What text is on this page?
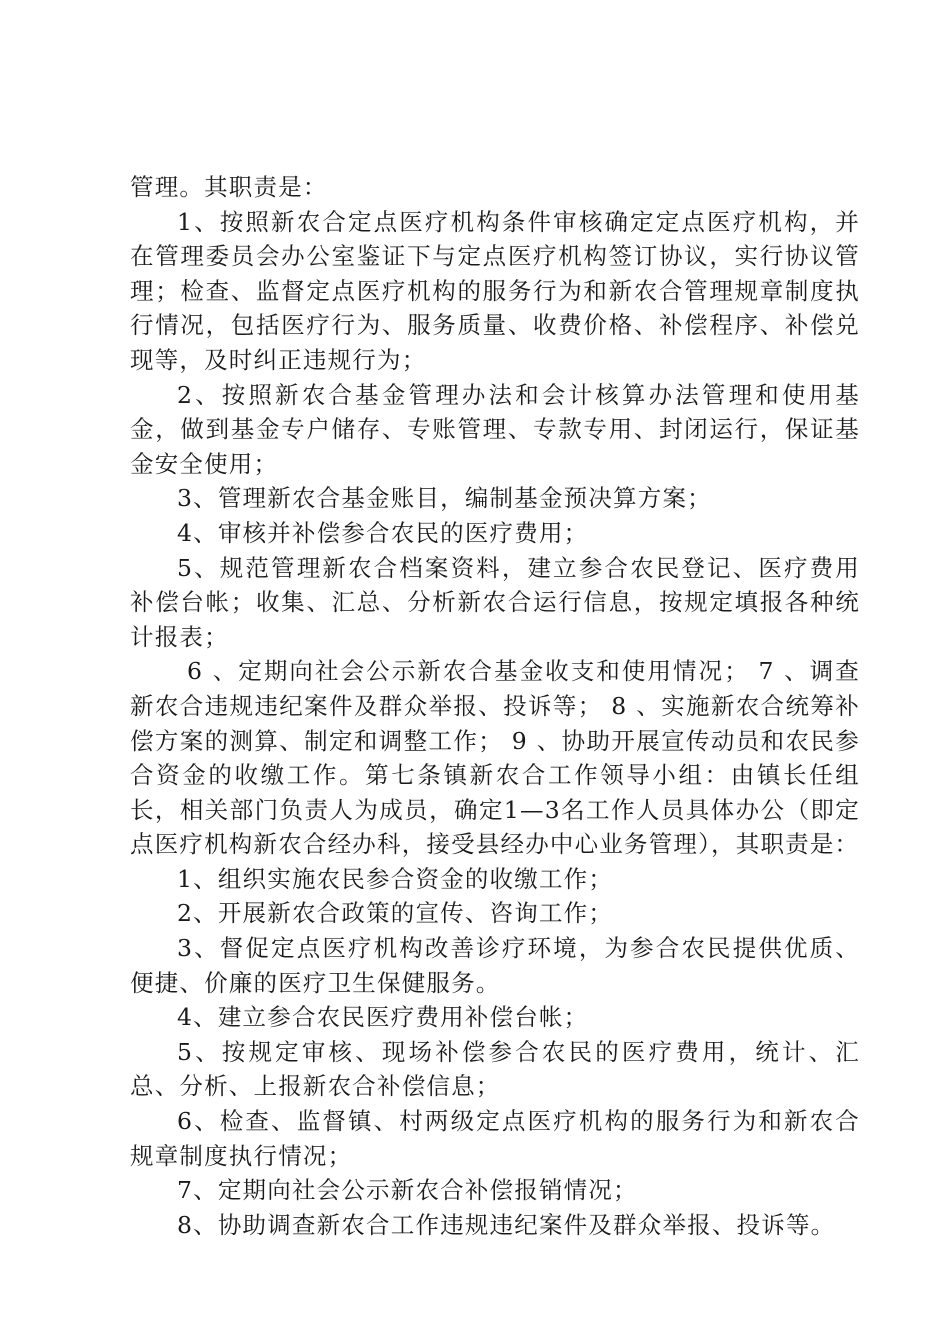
管理。其职责是：

1、按照新农合定点医疗机构条件审核确定定点医疗机构，并在管理委员会办公室鉴证下与定点医疗机构签订协议，实行协议管理；检查、监督定点医疗机构的服务行为和新农合管理规章制度执行情况，包括医疗行为、服务质量、收费价格、补偿程序、补偿兑现等，及时纠正违规行为；

2、按照新农合基金管理办法和会计核算办法管理和使用基金，做到基金专户储存、专账管理、专款专用、封闭运行，保证基金安全使用；

3、管理新农合基金账目，编制基金预决算方案；

4、审核并补偿参合农民的医疗费用；

5、规范管理新农合档案资料，建立参合农民登记、医疗费用补偿台帐；收集、汇总、分析新农合运行信息，按规定填报各种统计报表；

6 、定期向社会公示新农合基金收支和使用情况； 7 、调查新农合违规违纪案件及群众举报、投诉等； 8 、实施新农合统筹补偿方案的测算、制定和调整工作； 9 、协助开展宣传动员和农民参合资金的收缴工作。第七条镇新农合工作领导小组：由镇长任组长，相关部门负责人为成员，确定1—3名工作人员具体办公（即定点医疗机构新农合经办科，接受县经办中心业务管理），其职责是：

1、组织实施农民参合资金的收缴工作；

2、开展新农合政策的宣传、咨询工作；

3、督促定点医疗机构改善诊疗环境，为参合农民提供优质、便捷、价廉的医疗卫生保健服务。

4、建立参合农民医疗费用补偿台帐；

5、按规定审核、现场补偿参合农民的医疗费用，统计、汇总、分析、上报新农合补偿信息；

6、检查、监督镇、村两级定点医疗机构的服务行为和新农合规章制度执行情况；

7、定期向社会公示新农合补偿报销情况；

8、协助调查新农合工作违规违纪案件及群众举报、投诉等。
